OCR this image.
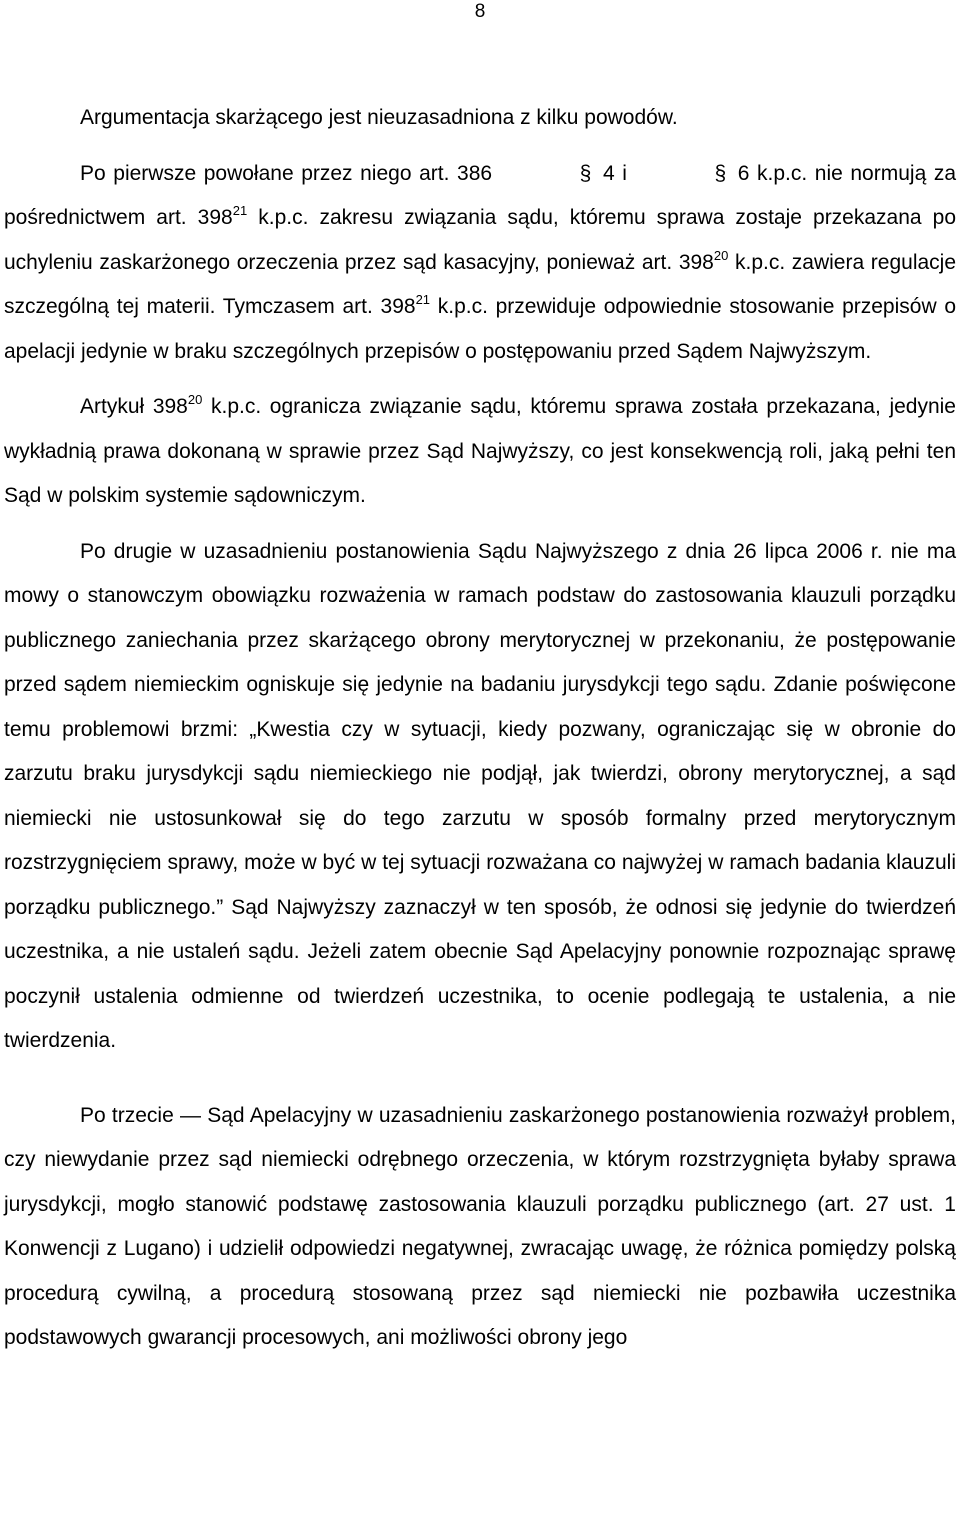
8

Argumentacja skarżącego jest nieuzasadniona z kilku powodów.

Po pierwsze powołane przez niego art. 386	§ 4 i	§ 6 k.p.c. nie normują za pośrednictwem art. $398^{21}$ k.p.c. zakresu związania sądu, któremu sprawa zostaje przekazana po uchyleniu zaskarżonego orzeczenia przez sąd kasacyjny, ponieważ art. $398^{20}$ k.p.c. zawiera regulacje szczególną tej materii. Tymczasem art. $398^{21}$ k.p.c. przewiduje odpowiednie stosowanie przepisów o apelacji jedynie w braku szczególnych przepisów o postępowaniu przed Sądem Najwyższym.

Artykuł $398^{20}$ k.p.c. ogranicza związanie sądu, któremu sprawa została przekazana, jedynie wykładnią prawa dokonaną w sprawie przez Sąd Najwyższy, co jest konsekwencją roli, jaką pełni ten Sąd w polskim systemie sądowniczym.

Po drugie w uzasadnieniu postanowienia Sądu Najwyższego z dnia 26 lipca 2006 r. nie ma mowy o stanowczym obowiązku rozważenia w ramach podstaw do zastosowania klauzuli porządku publicznego zaniechania przez skarżącego obrony merytorycznej w przekonaniu, że postępowanie przed sądem niemieckim ogniskuje się jedynie na badaniu jurysdykcji tego sądu. Zdanie poświęcone temu problemowi brzmi: „Kwestia czy w sytuacji, kiedy pozwany, ograniczając się w obronie do zarzutu braku jurysdykcji sądu niemieckiego nie podjął, jak twierdzi, obrony merytorycznej, a sąd niemiecki nie ustosunkował się do tego zarzutu w sposób formalny przed merytorycznym rozstrzygnięciem sprawy, może w być w tej sytuacji rozważana co najwyżej w ramach badania klauzuli porządku publicznego.” Sąd Najwyższy zaznaczył w ten sposób, że odnosi się jedynie do twierdzeń uczestnika, a nie ustaleń sądu. Jeżeli zatem obecnie Sąd Apelacyjny ponownie rozpoznając sprawę poczynił ustalenia odmienne od twierdzeń uczestnika, to ocenie podlegają te ustalenia, a nie twierdzenia.

Po trzecie ― Sąd Apelacyjny w uzasadnieniu zaskarżonego postanowienia rozważył problem, czy niewydanie przez sąd niemiecki odrębnego orzeczenia, w którym rozstrzygnięta byłaby sprawa jurysdykcji, mogło stanowić podstawę zastosowania klauzuli porządku publicznego (art. 27 ust. 1 Konwencji z Lugano) i udzielił odpowiedzi negatywnej, zwracając uwagę, że różnica pomiędzy polską procedurą cywilną, a procedurą stosowaną przez sąd niemiecki nie pozbawiła uczestnika podstawowych gwarancji procesowych, ani możliwości obrony jego
